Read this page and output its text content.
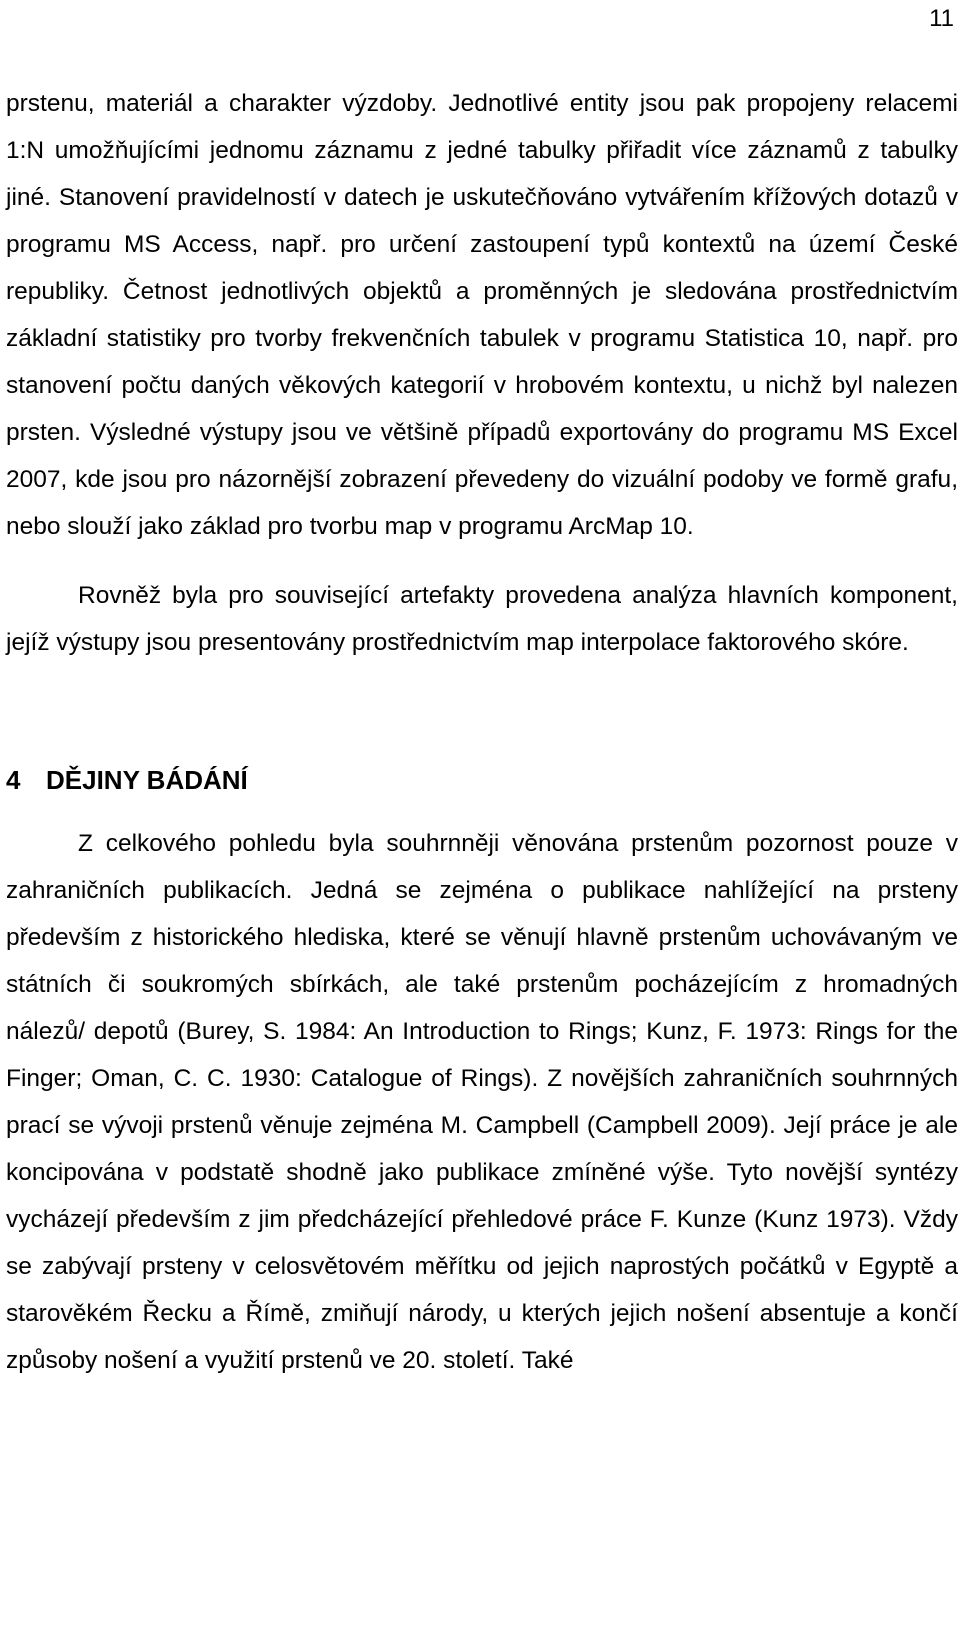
11

prstenu, materiál a charakter výzdoby. Jednotlivé entity jsou pak propojeny relacemi 1:N umožňujícími jednomu záznamu z jedné tabulky přiřadit více záznamů z tabulky jiné. Stanovení pravidelností v datech je uskutečňováno vytvářením křížových dotazů v programu MS Access, např. pro určení zastoupení typů kontextů na území České republiky. Četnost jednotlivých objektů a proměnných je sledována prostřednictvím základní statistiky pro tvorby frekvenčních tabulek v programu Statistica 10, např. pro stanovení počtu daných věkových kategorií v hrobovém kontextu, u nichž byl nalezen prsten. Výsledné výstupy jsou ve většině případů exportovány do programu MS Excel 2007, kde jsou pro názornější zobrazení převedeny do vizuální podoby ve formě grafu, nebo slouží jako základ pro tvorbu map v programu ArcMap 10.

Rovněž byla pro související artefakty provedena analýza hlavních komponent, jejíž výstupy jsou presentovány prostřednictvím map interpolace faktorového skóre.

4 DĚJINY BÁDÁNÍ

Z celkového pohledu byla souhrnněji věnována prstenům pozornost pouze v zahraničních publikacích. Jedná se zejména o publikace nahlížející na prsteny především z historického hlediska, které se věnují hlavně prstenům uchovávaným ve státních či soukromých sbírkách, ale také prstenům pocházejícím z hromadných nálezů/ depotů (Burey, S. 1984: An Introduction to Rings; Kunz, F. 1973: Rings for the Finger; Oman, C. C. 1930: Catalogue of Rings). Z novějších zahraničních souhrnných prací se vývoji prstenů věnuje zejména M. Campbell (Campbell 2009). Její práce je ale koncipována v podstatě shodně jako publikace zmíněné výše. Tyto novější syntézy vycházejí především z jim předcházející přehledové práce F. Kunze (Kunz 1973). Vždy se zabývají prsteny v celosvětovém měřítku od jejich naprostých počátků v Egyptě a starověkém Řecku a Římě, zmiňují národy, u kterých jejich nošení absentuje a končí způsoby nošení a využití prstenů ve 20. století. Také
